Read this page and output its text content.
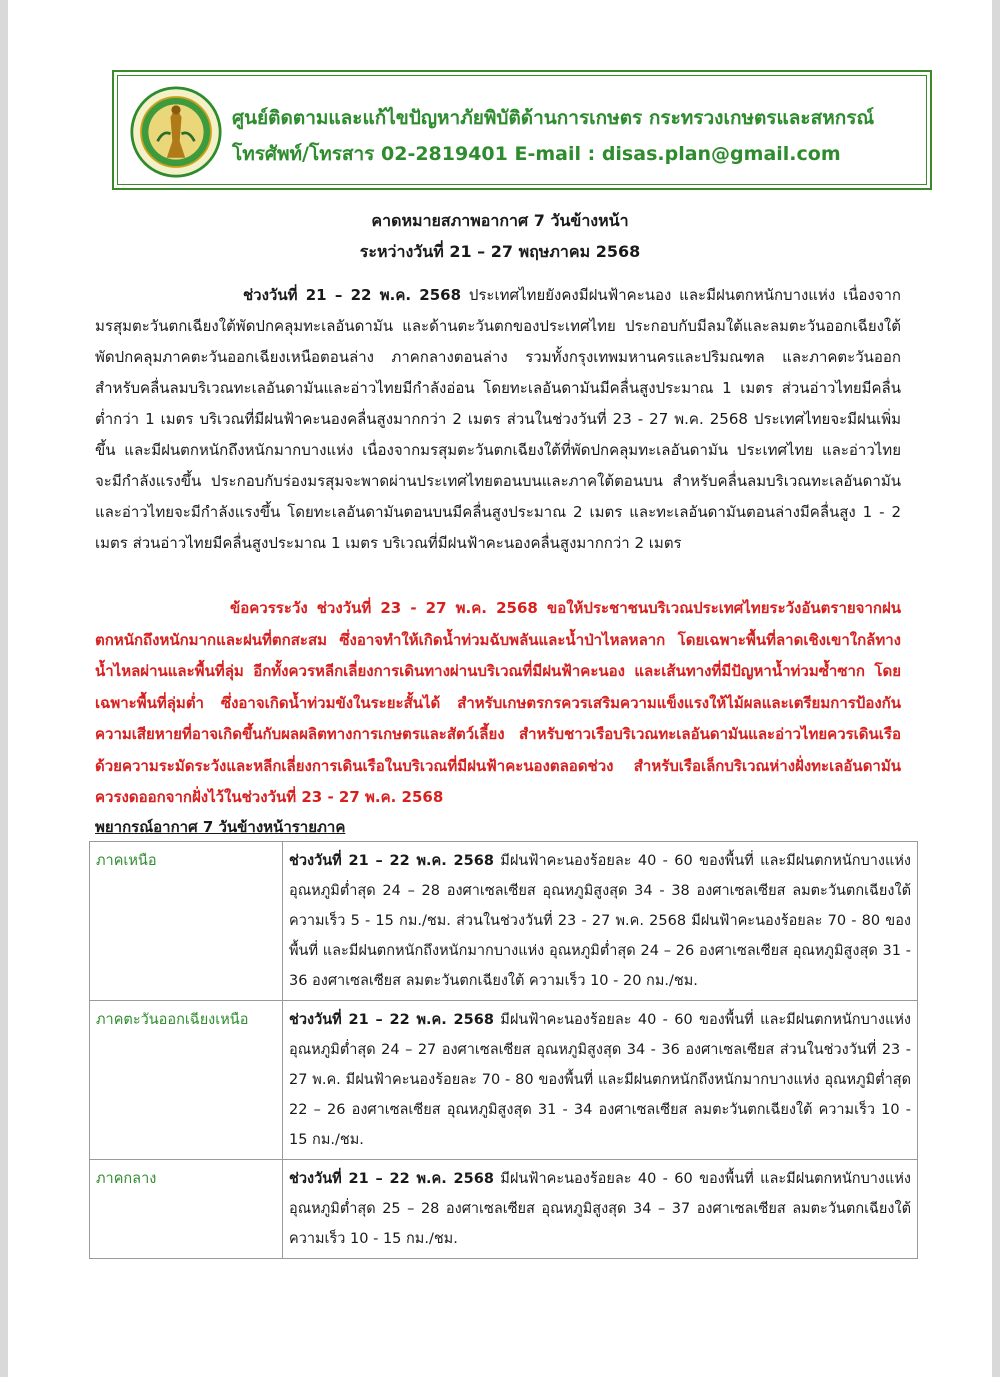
ศูนย์ติดตามและแก้ไขปัญหาภัยพิบัติด้านการเกษตร กระทรวงเกษตรและสหกรณ์
โทรศัพท์/โทรสาร 02-2819401 E-mail : disas.plan@gmail.com
คาดหมายสภาพอากาศ 7 วันข้างหน้า
ระหว่างวันที่ 21 – 27 พฤษภาคม 2568
ช่วงวันที่ 21 – 22 พ.ค. 2568 ประเทศไทยยังคงมีฝนฟ้าคะนอง และมีฝนตกหนักบางแห่ง เนื่องจากมรสุมตะวันตกเฉียงใต้พัดปกคลุมทะเลอันดามัน และด้านตะวันตกของประเทศไทย ประกอบกับมีลมใต้และลมตะวันออกเฉียงใต้พัดปกคลุมภาคตะวันออกเฉียงเหนือตอนล่าง ภาคกลางตอนล่าง รวมทั้งกรุงเทพมหานครและปริมณฑล และภาคตะวันออก สำหรับคลื่นลมบริเวณทะเลอันดามันและอ่าวไทยมีกำลังอ่อน โดยทะเลอันดามันมีคลื่นสูงประมาณ 1 เมตร ส่วนอ่าวไทยมีคลื่นต่ำกว่า 1 เมตร บริเวณที่มีฝนฟ้าคะนองคลื่นสูงมากกว่า 2 เมตร ส่วนในช่วงวันที่ 23 - 27 พ.ค. 2568 ประเทศไทยจะมีฝนเพิ่มขึ้น และมีฝนตกหนักถึงหนักมากบางแห่ง เนื่องจากมรสุมตะวันตกเฉียงใต้ที่พัดปกคลุมทะเลอันดามัน ประเทศไทย และอ่าวไทยจะมีกำลังแรงขึ้น ประกอบกับร่องมรสุมจะพาดผ่านประเทศไทยตอนบนและภาคใต้ตอนบน สำหรับคลื่นลมบริเวณทะเลอันดามันและอ่าวไทยจะมีกำลังแรงขึ้น โดยทะเลอันดามันตอนบนมีคลื่นสูงประมาณ 2 เมตร และทะเลอันดามันตอนล่างมีคลื่นสูง 1 - 2 เมตร ส่วนอ่าวไทยมีคลื่นสูงประมาณ 1 เมตร บริเวณที่มีฝนฟ้าคะนองคลื่นสูงมากกว่า 2 เมตร
ข้อควรระวัง ช่วงวันที่ 23 - 27 พ.ค. 2568 ขอให้ประชาชนบริเวณประเทศไทยระวังอันตรายจากฝนตกหนักถึงหนักมากและฝนที่ตกสะสม ซึ่งอาจทำให้เกิดน้ำท่วมฉับพลันและน้ำป่าไหลหลาก โดยเฉพาะพื้นที่ลาดเชิงเขาใกล้ทางน้ำไหลผ่านและพื้นที่ลุ่ม อีกทั้งควรหลีกเลี่ยงการเดินทางผ่านบริเวณที่มีฝนฟ้าคะนอง และเส้นทางที่มีปัญหาน้ำท่วมซ้ำซาก โดยเฉพาะพื้นที่ลุ่มต่ำ ซึ่งอาจเกิดน้ำท่วมขังในระยะสั้นได้ สำหรับเกษตรกรควรเสริมความแข็งแรงให้ไม้ผลและเตรียมการป้องกันความเสียหายที่อาจเกิดขึ้นกับผลผลิตทางการเกษตรและสัตว์เลี้ยง สำหรับชาวเรือบริเวณทะเลอันดามันและอ่าวไทยควรเดินเรือด้วยความระมัดระวังและหลีกเลี่ยงการเดินเรือในบริเวณที่มีฝนฟ้าคะนองตลอดช่วง สำหรับเรือเล็กบริเวณห่างฝั่งทะเลอันดามันควรงดออกจากฝั่งไว้ในช่วงวันที่ 23 - 27 พ.ค. 2568
พยากรณ์อากาศ 7 วันข้างหน้ารายภาค
ภาคเหนือ	ช่วงวันที่ 21 – 22 พ.ค. 2568 มีฝนฟ้าคะนองร้อยละ 40 - 60 ของพื้นที่ และมีฝนตกหนักบางแห่ง อุณหภูมิต่ำสุด 24 – 28 องศาเซลเซียส อุณหภูมิสูงสุด 34 - 38 องศาเซลเซียส ลมตะวันตกเฉียงใต้ ความเร็ว 5 - 15 กม./ชม. ส่วนในช่วงวันที่ 23 - 27 พ.ค. 2568 มีฝนฟ้าคะนองร้อยละ 70 - 80 ของพื้นที่ และมีฝนตกหนักถึงหนักมากบางแห่ง อุณหภูมิต่ำสุด 24 – 26 องศาเซลเซียส อุณหภูมิสูงสุด 31 - 36 องศาเซลเซียส ลมตะวันตกเฉียงใต้ ความเร็ว 10 - 20 กม./ชม.
ภาคตะวันออกเฉียงเหนือ	ช่วงวันที่ 21 – 22 พ.ค. 2568 มีฝนฟ้าคะนองร้อยละ 40 - 60 ของพื้นที่ และมีฝนตกหนักบางแห่ง อุณหภูมิต่ำสุด 24 – 27 องศาเซลเซียส อุณหภูมิสูงสุด 34 - 36 องศาเซลเซียส ส่วนในช่วงวันที่ 23 - 27 พ.ค. มีฝนฟ้าคะนองร้อยละ 70 - 80 ของพื้นที่ และมีฝนตกหนักถึงหนักมากบางแห่ง อุณหภูมิต่ำสุด 22 – 26 องศาเซลเซียส อุณหภูมิสูงสุด 31 - 34 องศาเซลเซียส ลมตะวันตกเฉียงใต้ ความเร็ว 10 - 15 กม./ชม.
ภาคกลาง	ช่วงวันที่ 21 – 22 พ.ค. 2568 มีฝนฟ้าคะนองร้อยละ 40 - 60 ของพื้นที่ และมีฝนตกหนักบางแห่ง อุณหภูมิต่ำสุด 25 – 28 องศาเซลเซียส อุณหภูมิสูงสุด 34 – 37 องศาเซลเซียส ลมตะวันตกเฉียงใต้ ความเร็ว 10 - 15 กม./ชม.
